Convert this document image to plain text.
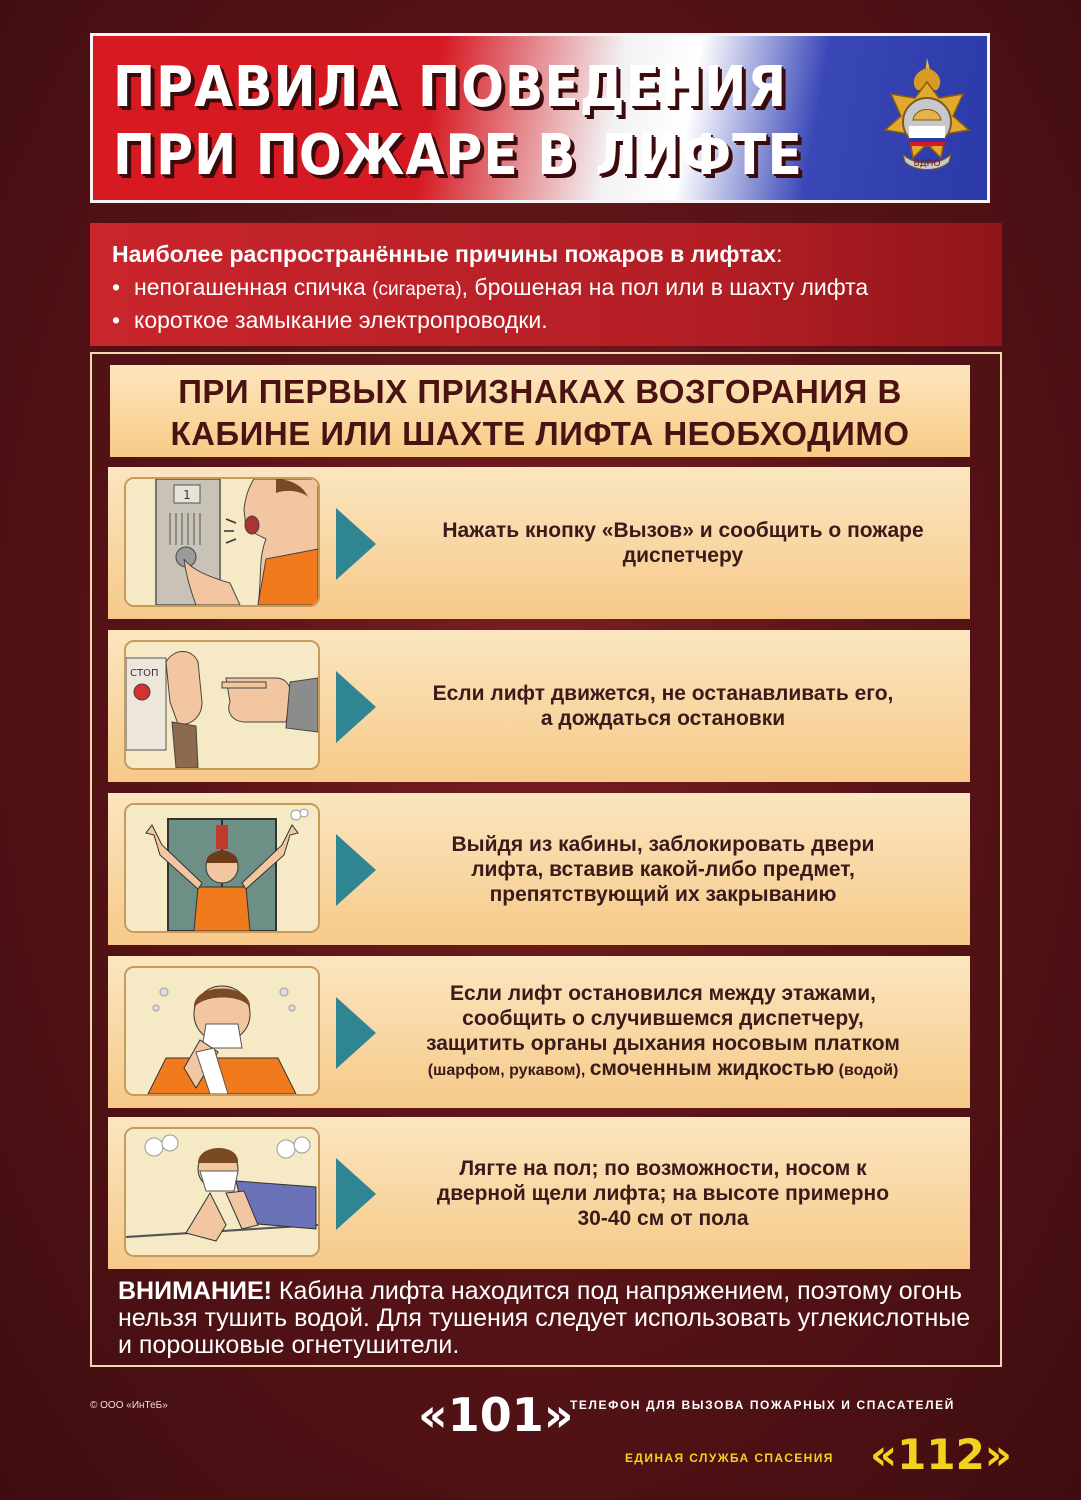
ПРАВИЛА ПОВЕДЕНИЯ
ПРИ ПОЖАРЕ В ЛИФТЕ	ВДПО

Наиболее распространённые причины пожаров в лифтах:

• непогашенная спичка (сигарета), брошеная на пол или в шахту лифта

• короткое замыкание электропроводки.

ПРИ ПЕРВЫХ ПРИЗНАКАХ ВОЗГОРАНИЯ В
КАБИНЕ ИЛИ ШАХТЕ ЛИФТА НЕОБХОДИМО
1
Нажать кнопку «Вызов» и сообщить о пожаре диспетчеру
СТОП
Если лифт движется, не останавливать его,
а дождаться остановки
Выйдя из кабины, заблокировать двери
лифта, вставив какой-либо предмет,
препятствующий их закрыванию
Если лифт остановился между этажами,
сообщить о случившемся диспетчеру,
защитить органы дыхания носовым платком
(шарфом, рукавом), смоченным жидкостью (водой)
Лягте на пол; по возможности, носом к
дверной щели лифта; на высоте примерно
30-40 см от пола

ВНИМАНИЕ! Кабина лифта находится под напряжением, поэтому огонь нельзя тушить водой. Для тушения следует использовать углекислотные и порошковые огнетушители.

© ООО «ИнТеБ»	«101»
ТЕЛЕФОН ДЛЯ ВЫЗОВА ПОЖАРНЫХ И СПАСАТЕЛЕЙ
ЕДИНАЯ СЛУЖБА СПАСЕНИЯ «112»
